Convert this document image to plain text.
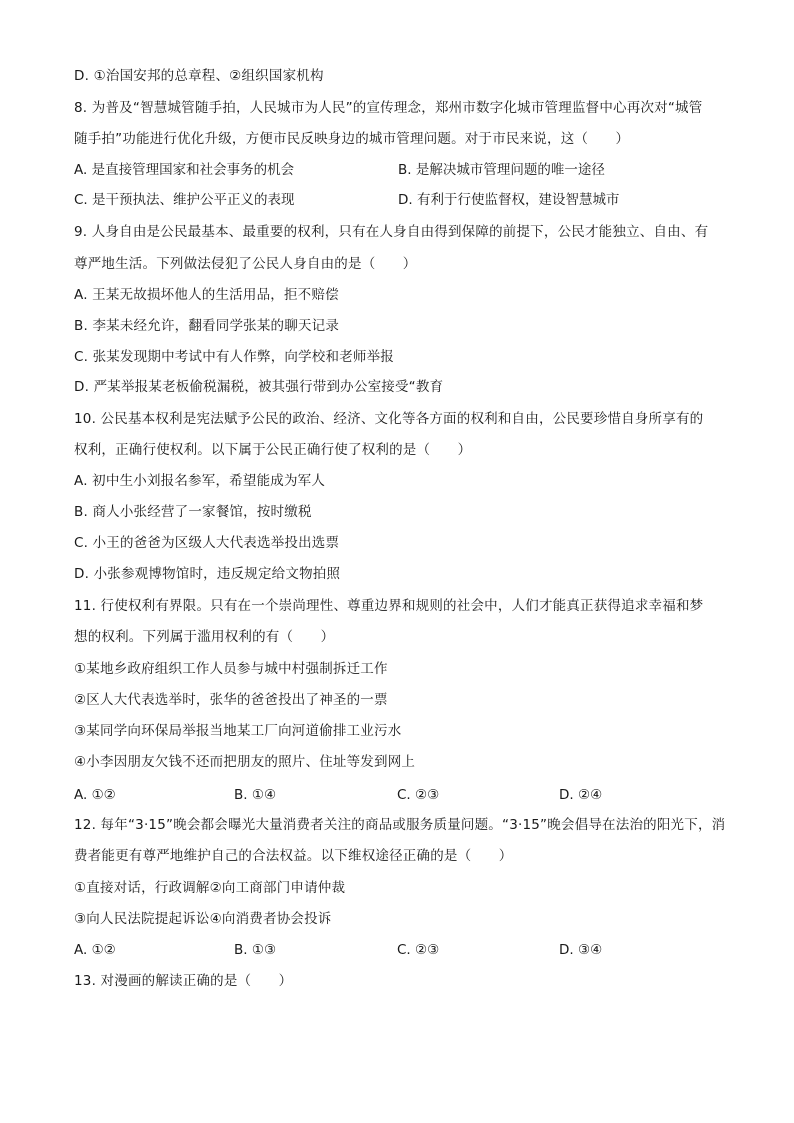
D. ①治国安邦的总章程、②组织国家机构
8. 为普及“智慧城管随手拍，人民城市为人民”的宣传理念，郑州市数字化城市管理监督中心再次对“城管
随手拍”功能进行优化升级，方便市民反映身边的城市管理问题。对于市民来说，这（　　）
A. 是直接管理国家和社会事务的机会	B. 是解决城市管理问题的唯一途径
C. 是干预执法、维护公平正义的表现	D. 有利于行使监督权，建设智慧城市
9. 人身自由是公民最基本、最重要的权利，只有在人身自由得到保障的前提下，公民才能独立、自由、有
尊严地生活。下列做法侵犯了公民人身自由的是（　　）
A. 王某无故损坏他人的生活用品，拒不赔偿
B. 李某未经允许，翻看同学张某的聊天记录
C. 张某发现期中考试中有人作弊，向学校和老师举报
D. 严某举报某老板偷税漏税，被其强行带到办公室接受“教育
10. 公民基本权利是宪法赋予公民的政治、经济、文化等各方面的权利和自由，公民要珍惜自身所享有的
权利，正确行使权利。以下属于公民正确行使了权利的是（　　）
A. 初中生小刘报名参军，希望能成为军人
B. 商人小张经营了一家餐馆，按时缴税
C. 小王的爸爸为区级人大代表选举投出选票
D. 小张参观博物馆时，违反规定给文物拍照
11. 行使权利有界限。只有在一个崇尚理性、尊重边界和规则的社会中，人们才能真正获得追求幸福和梦
想的权利。下列属于滥用权利的有（　　）
①某地乡政府组织工作人员参与城中村强制拆迁工作
②区人大代表选举时，张华的爸爸投出了神圣的一票
③某同学向环保局举报当地某工厂向河道偷排工业污水
④小李因朋友欠钱不还而把朋友的照片、住址等发到网上
A. ①②	B. ①④	C. ②③	D. ②④
12. 每年“3·15”晚会都会曝光大量消费者关注的商品或服务质量问题。“3·15”晚会倡导在法治的阳光下，消
费者能更有尊严地维护自己的合法权益。以下维权途径正确的是（　　）
①直接对话，行政调解②向工商部门申请仲裁
③向人民法院提起诉讼④向消费者协会投诉
A. ①②	B. ①③	C. ②③	D. ③④
13. 对漫画的解读正确的是（　　）
